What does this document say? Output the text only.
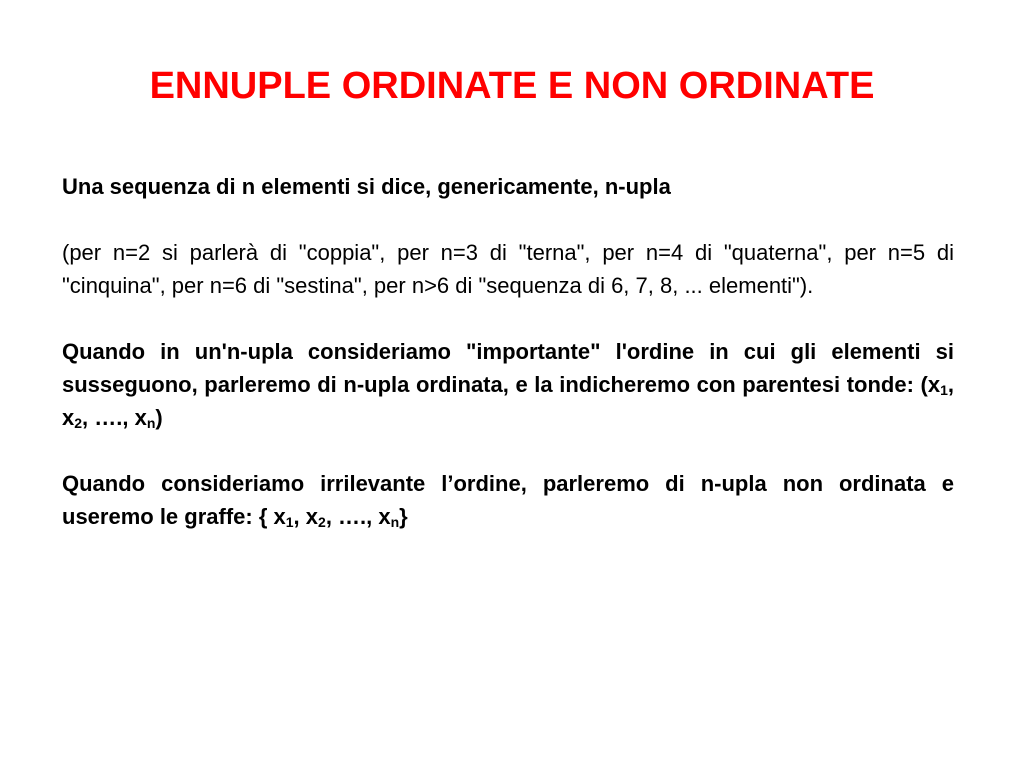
ENNUPLE ORDINATE E NON ORDINATE

Una sequenza di n elementi si dice, genericamente, n-upla

(per n=2 si parlerà di "coppia", per n=3 di "terna", per n=4 di "quaterna", per n=5 di "cinquina", per n=6 di "sestina", per n>6 di "sequenza di 6, 7, 8, ... elementi").

Quando in un'n-upla consideriamo "importante" l'ordine in cui gli elementi si susseguono, parleremo di n-upla ordinata, e la indicheremo con parentesi tonde: ($x_1$, $x_2$, …., $x_n$)

Quando consideriamo irrilevante l’ordine, parleremo di n-upla non ordinata e useremo le graffe: { $x_1$, $x_2$, …., $x_n$}
